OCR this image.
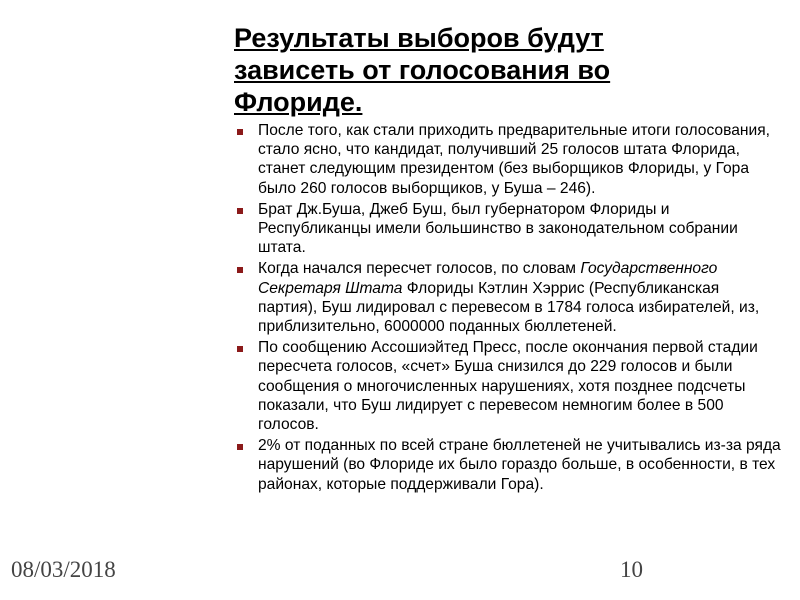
Результаты выборов будут зависеть от голосования во Флориде.
После того, как стали приходить предварительные итоги голосования, стало ясно, что кандидат, получивший 25 голосов штата Флорида, станет следующим президентом (без выборщиков Флориды, у Гора было 260 голосов выборщиков, у Буша – 246).
Брат Дж.Буша, Джеб Буш, был губернатором Флориды и Республиканцы имели большинство в законодательном собрании штата.
Когда начался пересчет голосов, по словам Государственного Секретаря Штата Флориды Кэтлин Хэррис (Республиканская партия), Буш лидировал с перевесом в 1784 голоса избирателей, из, приблизительно, 6000000 поданных бюллетеней.
По сообщению Ассошиэйтед Пресс, после окончания первой стадии пересчета голосов, «счет» Буша снизился до 229 голосов и были сообщения о многочисленных нарушениях, хотя позднее подсчеты показали, что Буш лидирует с перевесом немногим более в 500 голосов.
2% от поданных по всей стране бюллетеней не учитывались из-за ряда нарушений (во Флориде их было гораздо больше, в особенности, в тех районах, которые поддерживали Гора).

08/03/2018	10
